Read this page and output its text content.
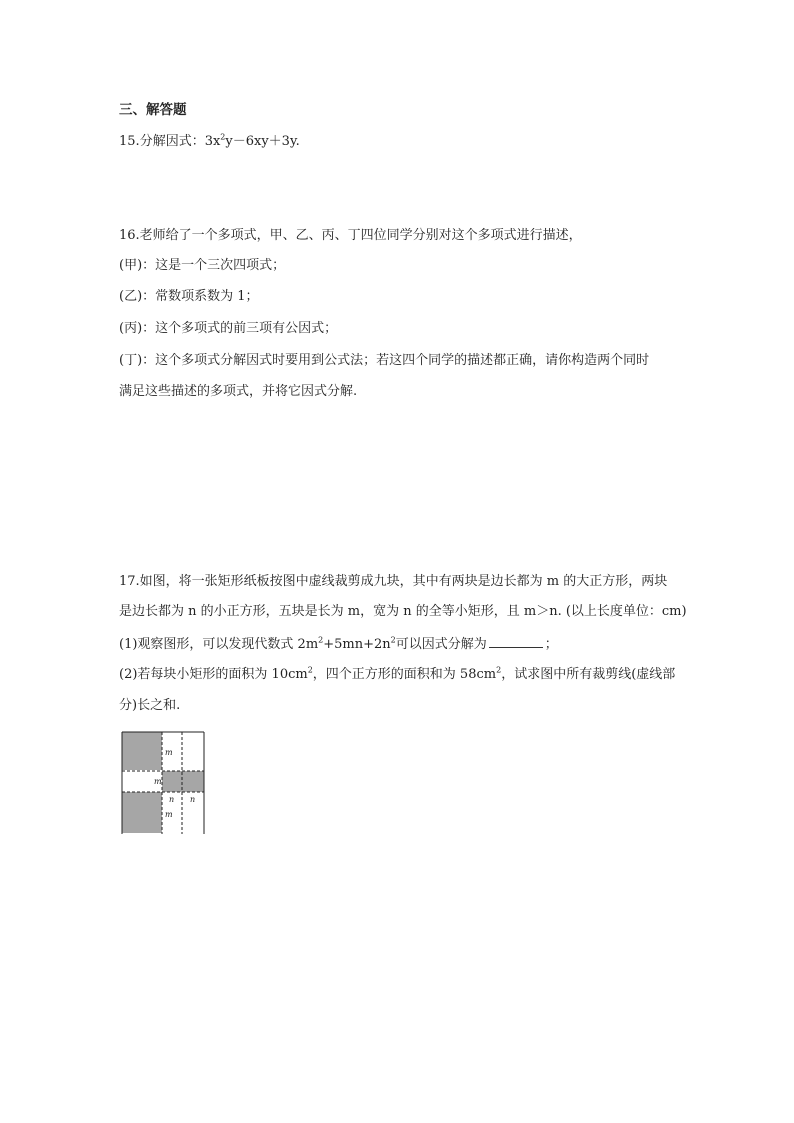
三、解答题
15.分解因式：$3x^2y-6xy+3y$.
16.老师给了一个多项式，甲、乙、丙、丁四位同学分别对这个多项式进行描述，
(甲)：这是一个三次四项式；
(乙)：常数项系数为 1；
(丙)：这个多项式的前三项有公因式；
(丁)：这个多项式分解因式时要用到公式法；若这四个同学的描述都正确，请你构造两个同时
满足这些描述的多项式，并将它因式分解.
17.如图，将一张矩形纸板按图中虚线裁剪成九块，其中有两块是边长都为 m 的大正方形，两块
是边长都为 n 的小正方形，五块是长为 m，宽为 n 的全等小矩形，且 m＞n. (以上长度单位：cm)
(1)观察图形，可以发现代数式 $2m^2+5mn+2n^2$可以因式分解为	；
(2)若每块小矩形的面积为 $10cm^2$，四个正方形的面积和为 $58cm^2$，试求图中所有裁剪线(虚线部
分)长之和.
m
m
n n
m
